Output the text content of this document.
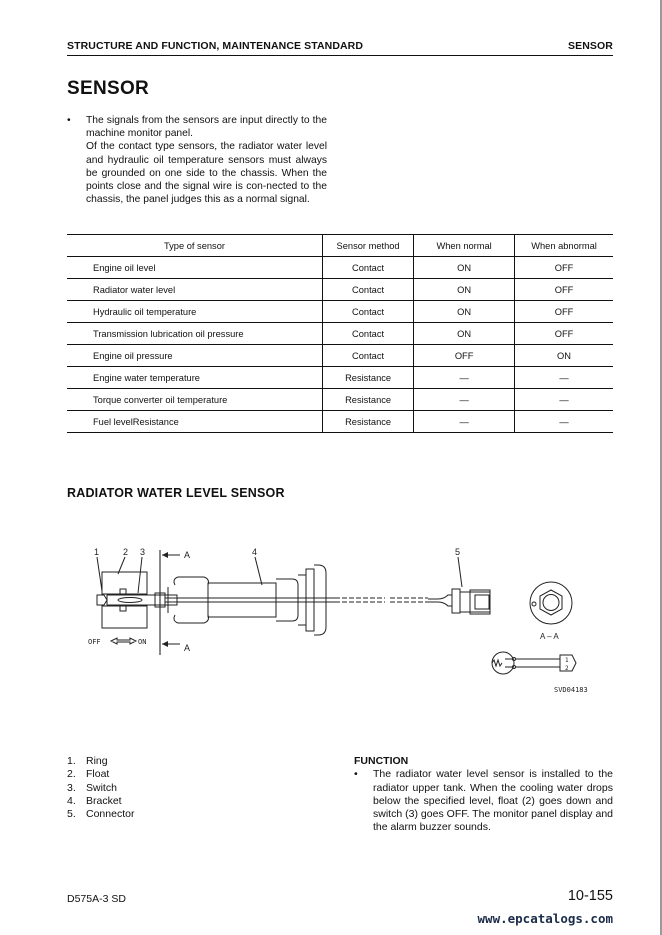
STRUCTURE AND FUNCTION, MAINTENANCE STANDARD	SENSOR
SENSOR
• The signals from the sensors are input directly to the machine monitor panel.

Of the contact type sensors, the radiator water level and hydraulic oil temperature sensors must always be grounded on one side to the chassis. When the points close and the signal wire is con-nected to the chassis, the panel judges this as a normal signal.

Type of sensor	Sensor method	When normal	When abnormal
Engine oil level	Contact	ON	OFF
Radiator water level	Contact	ON	OFF
Hydraulic oil temperature	Contact	ON	OFF
Transmission lubrication oil pressure	Contact	ON	OFF
Engine oil pressure	Contact	OFF	ON
Engine water temperature	Resistance	—	—
Torque converter oil temperature	Resistance	—	—
Fuel levelResistance	Resistance	—	—
RADIATOR WATER LEVEL SENSOR
A
A
1	2 3	4	5
OFF	ON
A – A
1
2
SVD04183
1. Ring
2. Float
3. Switch
4. Bracket
5. Connector
FUNCTION
• The radiator water level sensor is installed to the radiator upper tank. When the cooling water drops below the specified level, float (2) goes down and switch (3) goes OFF. The monitor panel display and the alarm buzzer sounds.
D575A-3 SD	10-155
www.epcatalogs.com
